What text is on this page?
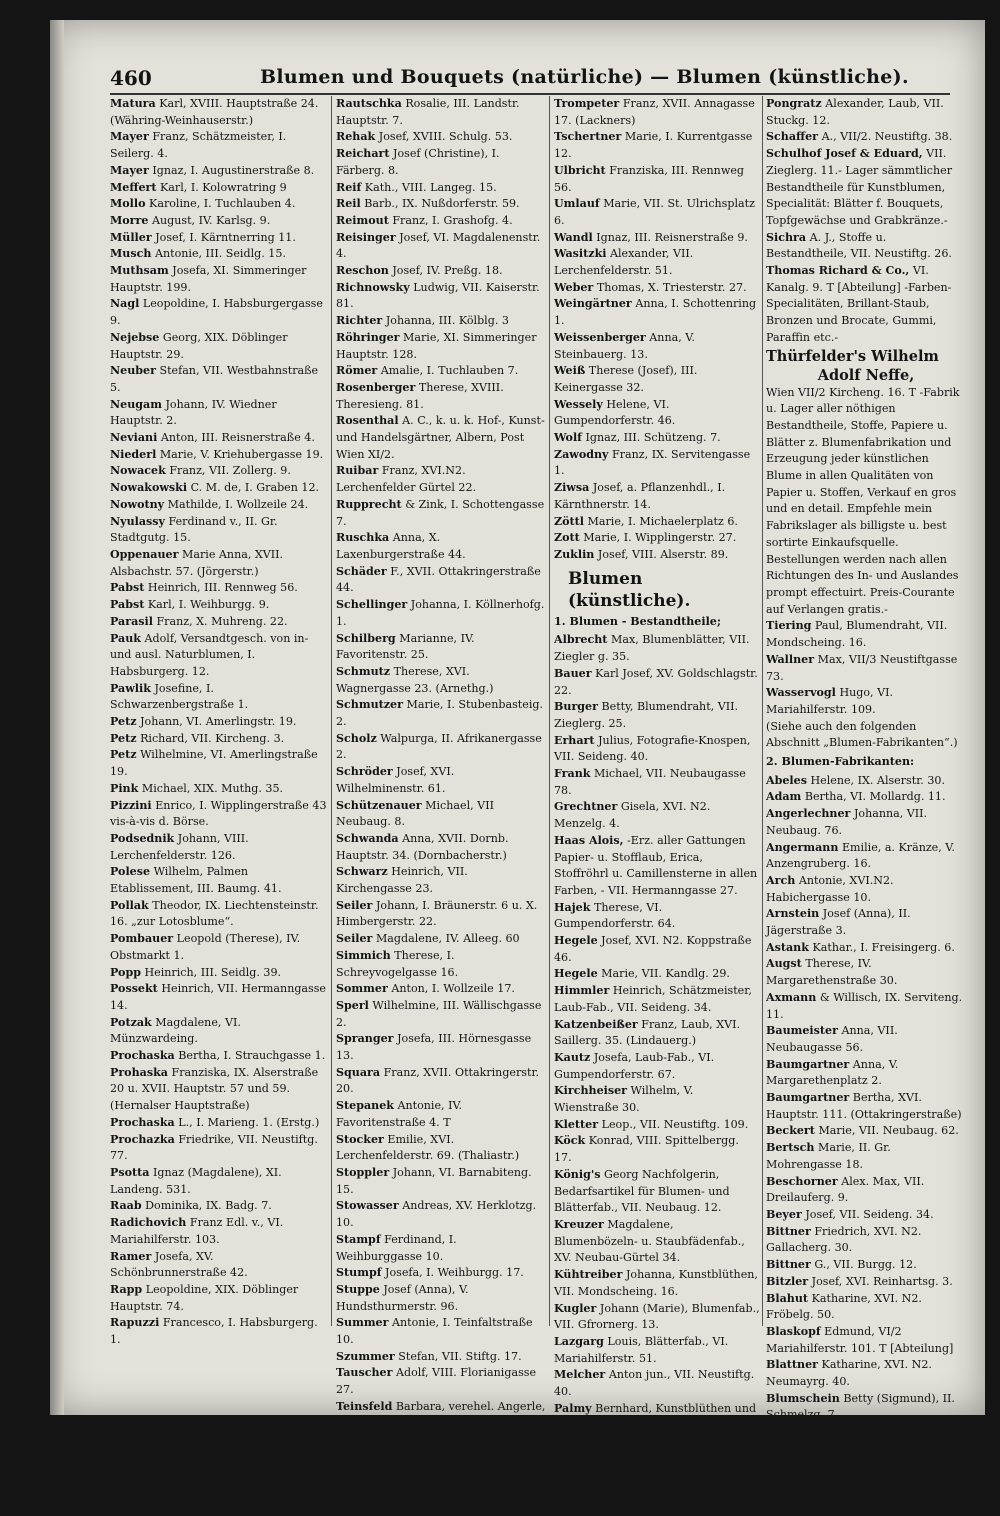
460	Blumen und Bouquets (natürliche) — Blumen (künstliche).

Matura Karl, XVIII. Hauptstraße 24. (Währing-Weinhauserstr.)

Mayer Franz, Schätzmeister, I. Seilerg. 4.

Mayer Ignaz, I. Augustinerstraße 8.

Meffert Karl, I. Kolowratring 9

Mollo Karoline, I. Tuchlauben 4.

Morre August, IV. Karlsg. 9.

Müller Josef, I. Kärntnerring 11.

Musch Antonie, III. Seidlg. 15.

Muthsam Josefa, XI. Simmeringer Hauptstr. 199.

Nagl Leopoldine, I. Habsburgergasse 9.

Nejebse Georg, XIX. Döblinger Hauptstr. 29.

Neuber Stefan, VII. Westbahnstraße 5.

Neugam Johann, IV. Wiedner Hauptstr. 2.

Neviani Anton, III. Reisnerstraße 4.

Niederl Marie, V. Kriehubergasse 19.

Nowacek Franz, VII. Zollerg. 9.

Nowakowski C. M. de, I. Graben 12.

Nowotny Mathilde, I. Wollzeile 24.

Nyulassy Ferdinand v., II. Gr. Stadtgutg. 15.

Oppenauer Marie Anna, XVII. Alsbachstr. 57. (Jörgerstr.)

Pabst Heinrich, III. Rennweg 56.

Pabst Karl, I. Weihburgg. 9.

Parasil Franz, X. Muhreng. 22.

Pauk Adolf, Versandtgesch. von in- und ausl. Naturblumen, I. Habsburgerg. 12.

Pawlik Josefine, I. Schwarzenbergstraße 1.

Petz Johann, VI. Amerlingstr. 19.

Petz Richard, VII. Kircheng. 3.

Petz Wilhelmine, VI. Amerlingstraße 19.

Pink Michael, XIX. Muthg. 35.

Pizzini Enrico, I. Wipplingerstraße 43 vis-à-vis d. Börse.

Podsednik Johann, VIII. Lerchenfelderstr. 126.

Polese Wilhelm, Palmen Etablissement, III. Baumg. 41.

Pollak Theodor, IX. Liechtensteinstr. 16. „zur Lotosblume“.

Pombauer Leopold (Therese), IV. Obstmarkt 1.

Popp Heinrich, III. Seidlg. 39.

Possekt Heinrich, VII. Hermanngasse 14.

Potzak Magdalene, VI. Münzwardeing.

Prochaska Bertha, I. Strauchgasse 1.

Prohaska Franziska, IX. Alserstraße 20 u. XVII. Hauptstr. 57 und 59. (Hernalser Hauptstraße)

Prochaska L., I. Marieng. 1. (Erstg.)

Prochazka Friedrike, VII. Neustiftg. 77.

Psotta Ignaz (Magdalene), XI. Landeng. 531.

Raab Dominika, IX. Badg. 7.

Radichovich Franz Edl. v., VI. Mariahilferstr. 103.

Ramer Josefa, XV. Schönbrunnerstraße 42.

Rapp Leopoldine, XIX. Döblinger Hauptstr. 74.

Rapuzzi Francesco, I. Habsburgerg. 1.

Rautschka Rosalie, III. Landstr. Hauptstr. 7.

Rehak Josef, XVIII. Schulg. 53.

Reichart Josef (Christine), I. Färberg. 8.

Reif Kath., VIII. Langeg. 15.

Reil Barb., IX. Nußdorferstr. 59.

Reimout Franz, I. Grashofg. 4.

Reisinger Josef, VI. Magdalenenstr. 4.

Reschon Josef, IV. Preßg. 18.

Richnowsky Ludwig, VII. Kaiserstr. 81.

Richter Johanna, III. Kölblg. 3

Röhringer Marie, XI. Simmeringer Hauptstr. 128.

Römer Amalie, I. Tuchlauben 7.

Rosenberger Therese, XVIII. Theresieng. 81.

Rosenthal A. C., k. u. k. Hof-, Kunst- und Handelsgärtner, Albern, Post Wien XI/2.

Ruibar Franz, XVI.N2. Lerchenfelder Gürtel 22.

Rupprecht & Zink, I. Schottengasse 7.

Ruschka Anna, X. Laxenburgerstraße 44.

Schäder F., XVII. Ottakringerstraße 44.

Schellinger Johanna, I. Köllnerhofg. 1.

Schilberg Marianne, IV. Favoritenstr. 25.

Schmutz Therese, XVI. Wagnergasse 23. (Arnethg.)

Schmutzer Marie, I. Stubenbasteig. 2.

Scholz Walpurga, II. Afrikanergasse 2.

Schröder Josef, XVI. Wilhelminenstr. 61.

Schützenauer Michael, VII Neubaug. 8.

Schwanda Anna, XVII. Dornb. Hauptstr. 34. (Dornbacherstr.)

Schwarz Heinrich, VII. Kirchengasse 23.

Seiler Johann, I. Bräunerstr. 6 u. X. Himbergerstr. 22.

Seiler Magdalene, IV. Alleeg. 60

Simmich Therese, I. Schreyvogelgasse 16.

Sommer Anton, I. Wollzeile 17.

Sperl Wilhelmine, III. Wällischgasse 2.

Spranger Josefa, III. Hörnesgasse 13.

Squara Franz, XVII. Ottakringerstr. 20.

Stepanek Antonie, IV. Favoritenstraße 4. T

Stocker Emilie, XVI. Lerchenfelderstr. 69. (Thaliastr.)

Stoppler Johann, VI. Barnabiteng. 15.

Stowasser Andreas, XV. Herklotzg. 10.

Stampf Ferdinand, I. Weihburggasse 10.

Stumpf Josefa, I. Weihburgg. 17.

Stuppe Josef (Anna), V. Hundsthurmerstr. 96.

Summer Antonie, I. Teinfaltstraße 10.

Szummer Stefan, VII. Stiftg. 17.

Tauscher Adolf, VIII. Florianigasse 27.

Teinsfeld Barbara, verehel. Angerle, X. Himbergerstr. 21.

Tobias Mathilde, XV. Schönbrunnerstr. 7.

Tomaschek Eleonore, XVIII Hauptstr. 31. (Währing-Weinhauserstr.)

Trompeter Franz, XVII. Annagasse 17. (Lackners)

Tschertner Marie, I. Kurrentgasse 12.

Ulbricht Franziska, III. Rennweg 56.

Umlauf Marie, VII. St. Ulrichsplatz 6.

Wandl Ignaz, III. Reisnerstraße 9.

Wasitzki Alexander, VII. Lerchenfelderstr. 51.

Weber Thomas, X. Triesterstr. 27.

Weingärtner Anna, I. Schottenring 1.

Weissenberger Anna, V. Steinbauerg. 13.

Weiß Therese (Josef), III. Keinergasse 32.

Wessely Helene, VI. Gumpendorferstr. 46.

Wolf Ignaz, III. Schützeng. 7.

Zawodny Franz, IX. Servitengasse 1.

Ziwsa Josef, a. Pflanzenhdl., I. Kärnthnerstr. 14.

Zöttl Marie, I. Michaelerplatz 6.

Zott Marie, I. Wipplingerstr. 27.

Zuklin Josef, VIII. Alserstr. 89.

Blumen (künstliche).
1. Blumen - Bestandtheile;

Albrecht Max, Blumenblätter, VII. Ziegler g. 35.

Bauer Karl Josef, XV. Goldschlagstr. 22.

Burger Betty, Blumendraht, VII. Zieglerg. 25.

Erhart Julius, Fotografie-Knospen, VII. Seideng. 40.

Frank Michael, VII. Neubaugasse 78.

Grechtner Gisela, XVI. N2. Menzelg. 4.

Haas Alois, -Erz. aller Gattungen Papier- u. Stofflaub, Erica, Stoffröhrl u. Camillensterne in allen Farben, - VII. Hermanngasse 27.

Hajek Therese, VI. Gumpendorferstr. 64.

Hegele Josef, XVI. N2. Koppstraße 46.

Hegele Marie, VII. Kandlg. 29.

Himmler Heinrich, Schätzmeister, Laub-Fab., VII. Seideng. 34.

Katzenbeißer Franz, Laub, XVI. Saillerg. 35. (Lindauerg.)

Kautz Josefa, Laub-Fab., VI. Gumpendorferstr. 67.

Kirchheiser Wilhelm, V. Wienstraße 30.

Kletter Leop., VII. Neustiftg. 109.

Köck Konrad, VIII. Spittelbergg. 17.

König's Georg Nachfolgerin, Bedarfsartikel für Blumen- und Blätterfab., VII. Neubaug. 12.

Kreuzer Magdalene, Blumenbözeln- u. Staubfädenfab., XV. Neubau-Gürtel 34.

Kühtreiber Johanna, Kunstblüthen, VII. Mondscheing. 16.

Kugler Johann (Marie), Blumenfab., VII. Gfrornerg. 13.

Lazgarg Louis, Blätterfab., VI. Mariahilferstr. 51.

Melcher Anton jun., VII. Neustiftg. 40.

Palmy Bernhard, Kunstblüthen und Rosen, XII. Rudolfsg. 16. (Ahmayerg.)

Pfessel Susanne, VII. Lindengasse 31.

Pongratz Alexander, Laub, VII. Stuckg. 12.

Schaffer A., VII/2. Neustiftg. 38.

Schulhof Josef & Eduard, VII. Zieglerg. 11.- Lager sämmtlicher Bestandtheile für Kunstblumen, Specialität: Blätter f. Bouquets, Topfgewächse und Grabkränze.-

Sichra A. J., Stoffe u. Bestandtheile, VII. Neustiftg. 26.

Thomas Richard & Co., VI. Kanalg. 9. T [Abteilung] -Farben-Specialitäten, Brillant-Staub, Bronzen und Brocate, Gummi, Paraffin etc.-

Thürfelder's Wilhelm
Adolf Neffe,

Wien VII/2 Kircheng. 16. T -Fabrik u. Lager aller nöthigen Bestandtheile, Stoffe, Papiere u. Blätter z. Blumenfabrikation und Erzeugung jeder künstlichen Blume in allen Qualitäten von Papier u. Stoffen, Verkauf en gros und en detail. Empfehle mein Fabrikslager als billigste u. best sortirte Einkaufsquelle. Bestellungen werden nach allen Richtungen des In- und Auslandes prompt effectuirt. Preis-Courante auf Verlangen gratis.-

Tiering Paul, Blumendraht, VII. Mondscheing. 16.

Wallner Max, VII/3 Neustiftgasse 73.

Wasservogl Hugo, VI. Mariahilferstr. 109.

(Siehe auch den folgenden Abschnitt „Blumen-Fabrikanten“.)

2. Blumen-Fabrikanten:

Abeles Helene, IX. Alserstr. 30.

Adam Bertha, VI. Mollardg. 11.

Angerlechner Johanna, VII. Neubaug. 76.

Angermann Emilie, a. Kränze, V. Anzengruberg. 16.

Arch Antonie, XVI.N2. Habichergasse 10.

Arnstein Josef (Anna), II. Jägerstraße 3.

Astank Kathar., I. Freisingerg. 6.

Augst Therese, IV. Margarethenstraße 30.

Axmann & Willisch, IX. Serviteng. 11.

Baumeister Anna, VII. Neubaugasse 56.

Baumgartner Anna, V. Margarethenplatz 2.

Baumgartner Bertha, XVI. Hauptstr. 111. (Ottakringerstraße)

Beckert Marie, VII. Neubaug. 62.

Bertsch Marie, II. Gr. Mohrengasse 18.

Beschorner Alex. Max, VII. Dreilauferg. 9.

Beyer Josef, VII. Seideng. 34.

Bittner Friedrich, XVI. N2. Gallacherg. 30.

Bittner G., VII. Burgg. 12.

Bitzler Josef, XVI. Reinhartsg. 3.

Blahut Katharine, XVI. N2. Fröbelg. 50.

Blaskopf Edmund, VI/2 Mariahilferstr. 101. T [Abteilung]

Blattner Katharine, XVI. N2. Neumayrg. 40.

Blumschein Betty (Sigmund), II. Schmelzg. 7.
